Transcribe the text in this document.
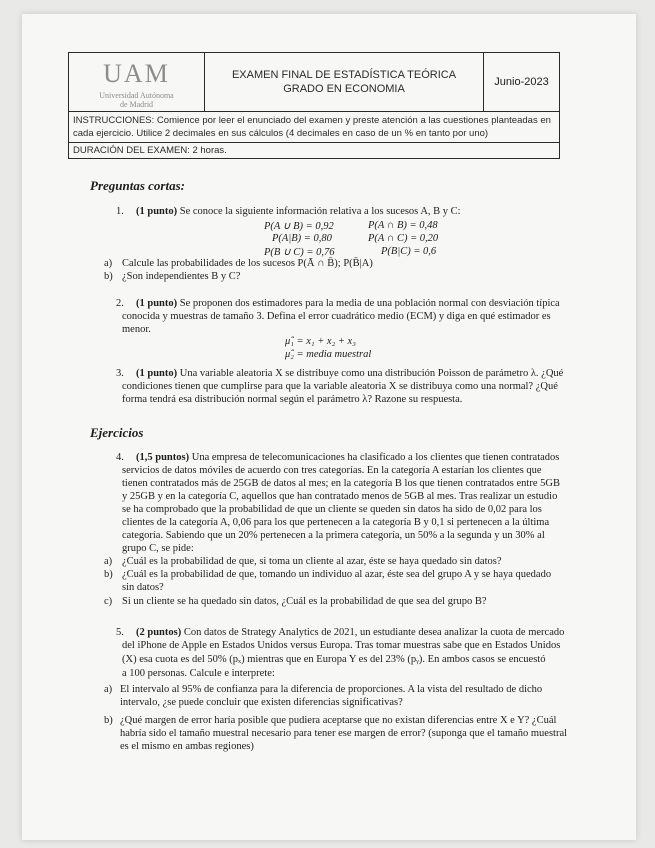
UAM
Universidad Autónoma
de Madrid
EXAMEN FINAL DE ESTADÍSTICA TEÓRICA
GRADO EN ECONOMIA
Junio-2023
INSTRUCCIONES: Comience por leer el enunciado del examen y preste atención a las cuestiones planteadas en
cada ejercicio. Utilice 2 decimales en sus cálculos (4 decimales en caso de un % en tanto por uno)
DURACIÓN DEL EXAMEN: 2 horas.
Preguntas cortas:
1. (1 punto) Se conoce la siguiente información relativa a los sucesos A, B y C:
P(A ∪ B) = 0,92	P(A ∩ B) = 0,48
P(A|B) = 0,80	P(A ∩ C) = 0,20
P(B ∪ C) = 0,76	P(B|C) = 0,6
a) Calcule las probabilidades de los sucesos P(Ā ∩ B̄); P(B̄|A)
b) ¿Son independientes B y C?
2. (1 punto) Se proponen dos estimadores para la media de una población normal con desviación típica
conocida y muestras de tamaño 3. Defina el error cuadrático medio (ECM) y diga en qué estimador es
menor.
μ̂₁ = x₁ + x₂ + x₃
μ̂₂ = media muestral
3. (1 punto) Una variable aleatoria X se distribuye como una distribución Poisson de parámetro λ. ¿Qué
condiciones tienen que cumplirse para que la variable aleatoria X se distribuya como una normal? ¿Qué
forma tendrá esa distribución normal según el parámetro λ? Razone su respuesta.
Ejercicios
4. (1,5 puntos) Una empresa de telecomunicaciones ha clasificado a los clientes que tienen contratados
servicios de datos móviles de acuerdo con tres categorías. En la categoría A estarían los clientes que
tienen contratados más de 25GB de datos al mes; en la categoría B los que tienen contratados entre 5GB
y 25GB y en la categoría C, aquellos que han contratado menos de 5GB al mes. Tras realizar un estudio
se ha comprobado que la probabilidad de que un cliente se queden sin datos ha sido de 0,02 para los
clientes de la categoría A, 0,06 para los que pertenecen a la categoría B y 0,1 si pertenecen a la última
categoría. Sabiendo que un 20% pertenecen a la primera categoría, un 50% a la segunda y un 30% al
grupo C, se pide:
a) ¿Cuál es la probabilidad de que, si toma un cliente al azar, éste se haya quedado sin datos?
b) ¿Cuál es la probabilidad de que, tomando un individuo al azar, éste sea del grupo A y se haya quedado
sin datos?
c) Si un cliente se ha quedado sin datos, ¿Cuál es la probabilidad de que sea del grupo B?
5. (2 puntos) Con datos de Strategy Analytics de 2021, un estudiante desea analizar la cuota de mercado
del iPhone de Apple en Estados Unidos versus Europa. Tras tomar muestras sabe que en Estados Unidos
(X) esa cuota es del 50% (pₓ) mientras que en Europa Y es del 23% (pᵧ). En ambos casos se encuestó
a 100 personas. Calcule e interprete:
a) El intervalo al 95% de confianza para la diferencia de proporciones. A la vista del resultado de dicho
intervalo, ¿se puede concluir que existen diferencias significativas?
b) ¿Qué margen de error haría posible que pudiera aceptarse que no existan diferencias entre X e Y? ¿Cuál
habría sido el tamaño muestral necesario para tener ese margen de error? (suponga que el tamaño muestral
es el mismo en ambas regiones)
